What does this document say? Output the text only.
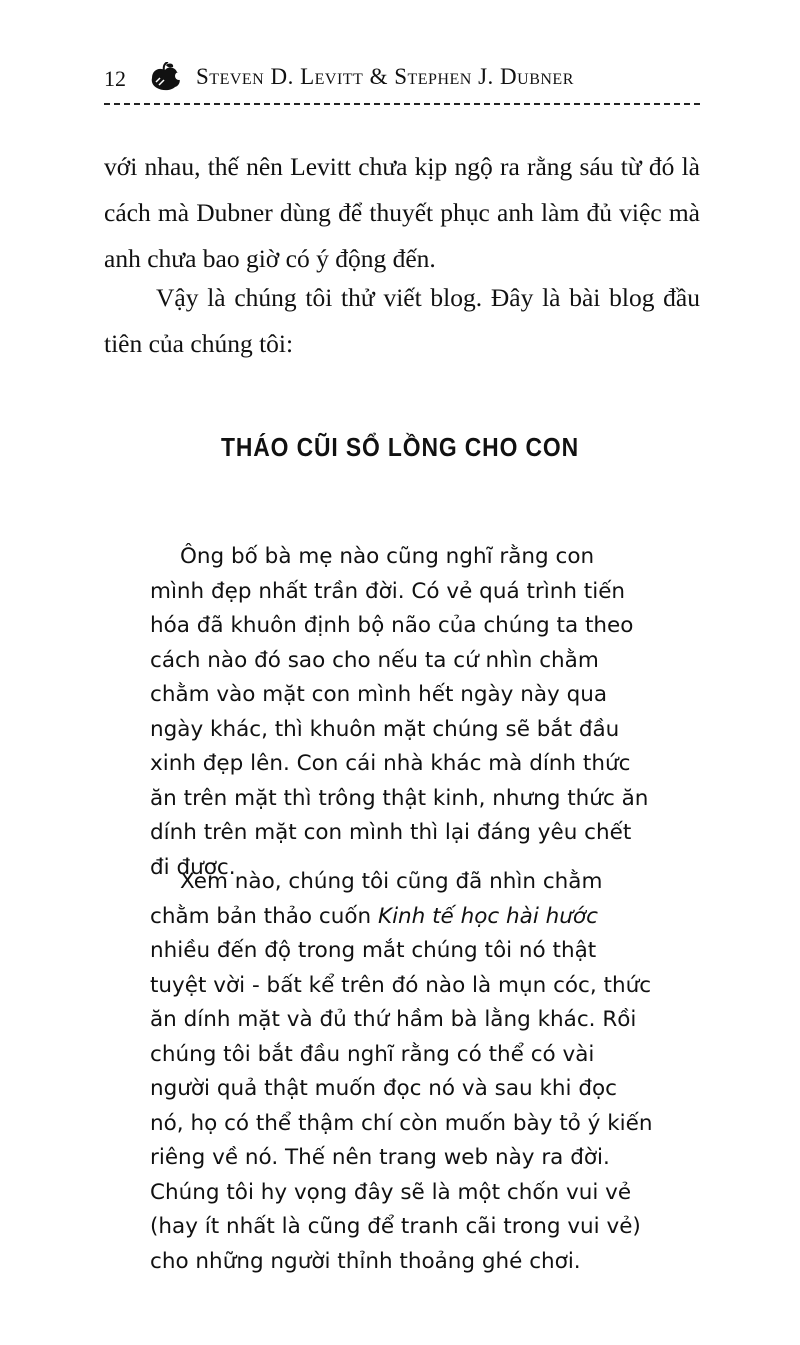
12	Steven D. Levitt & Stephen J. Dubner

với nhau, thế nên Levitt chưa kịp ngộ ra rằng sáu từ đó là cách mà Dubner dùng để thuyết phục anh làm đủ việc mà anh chưa bao giờ có ý động đến.

Vậy là chúng tôi thử viết blog. Đây là bài blog đầu tiên của chúng tôi:

THÁO CŨI SỔ LỒNG CHO CON

Ông bố bà mẹ nào cũng nghĩ rằng con mình đẹp nhất trần đời. Có vẻ quá trình tiến hóa đã khuôn định bộ não của chúng ta theo cách nào đó sao cho nếu ta cứ nhìn chằm chằm vào mặt con mình hết ngày này qua ngày khác, thì khuôn mặt chúng sẽ bắt đầu xinh đẹp lên. Con cái nhà khác mà dính thức ăn trên mặt thì trông thật kinh, nhưng thức ăn dính trên mặt con mình thì lại đáng yêu chết đi được.

Xem nào, chúng tôi cũng đã nhìn chằm chằm bản thảo cuốn Kinh tế học hài hước nhiều đến độ trong mắt chúng tôi nó thật tuyệt vời - bất kể trên đó nào là mụn cóc, thức ăn dính mặt và đủ thứ hầm bà lằng khác. Rồi chúng tôi bắt đầu nghĩ rằng có thể có vài người quả thật muốn đọc nó và sau khi đọc nó, họ có thể thậm chí còn muốn bày tỏ ý kiến riêng về nó. Thế nên trang web này ra đời. Chúng tôi hy vọng đây sẽ là một chốn vui vẻ (hay ít nhất là cũng để tranh cãi trong vui vẻ) cho những người thỉnh thoảng ghé chơi.
